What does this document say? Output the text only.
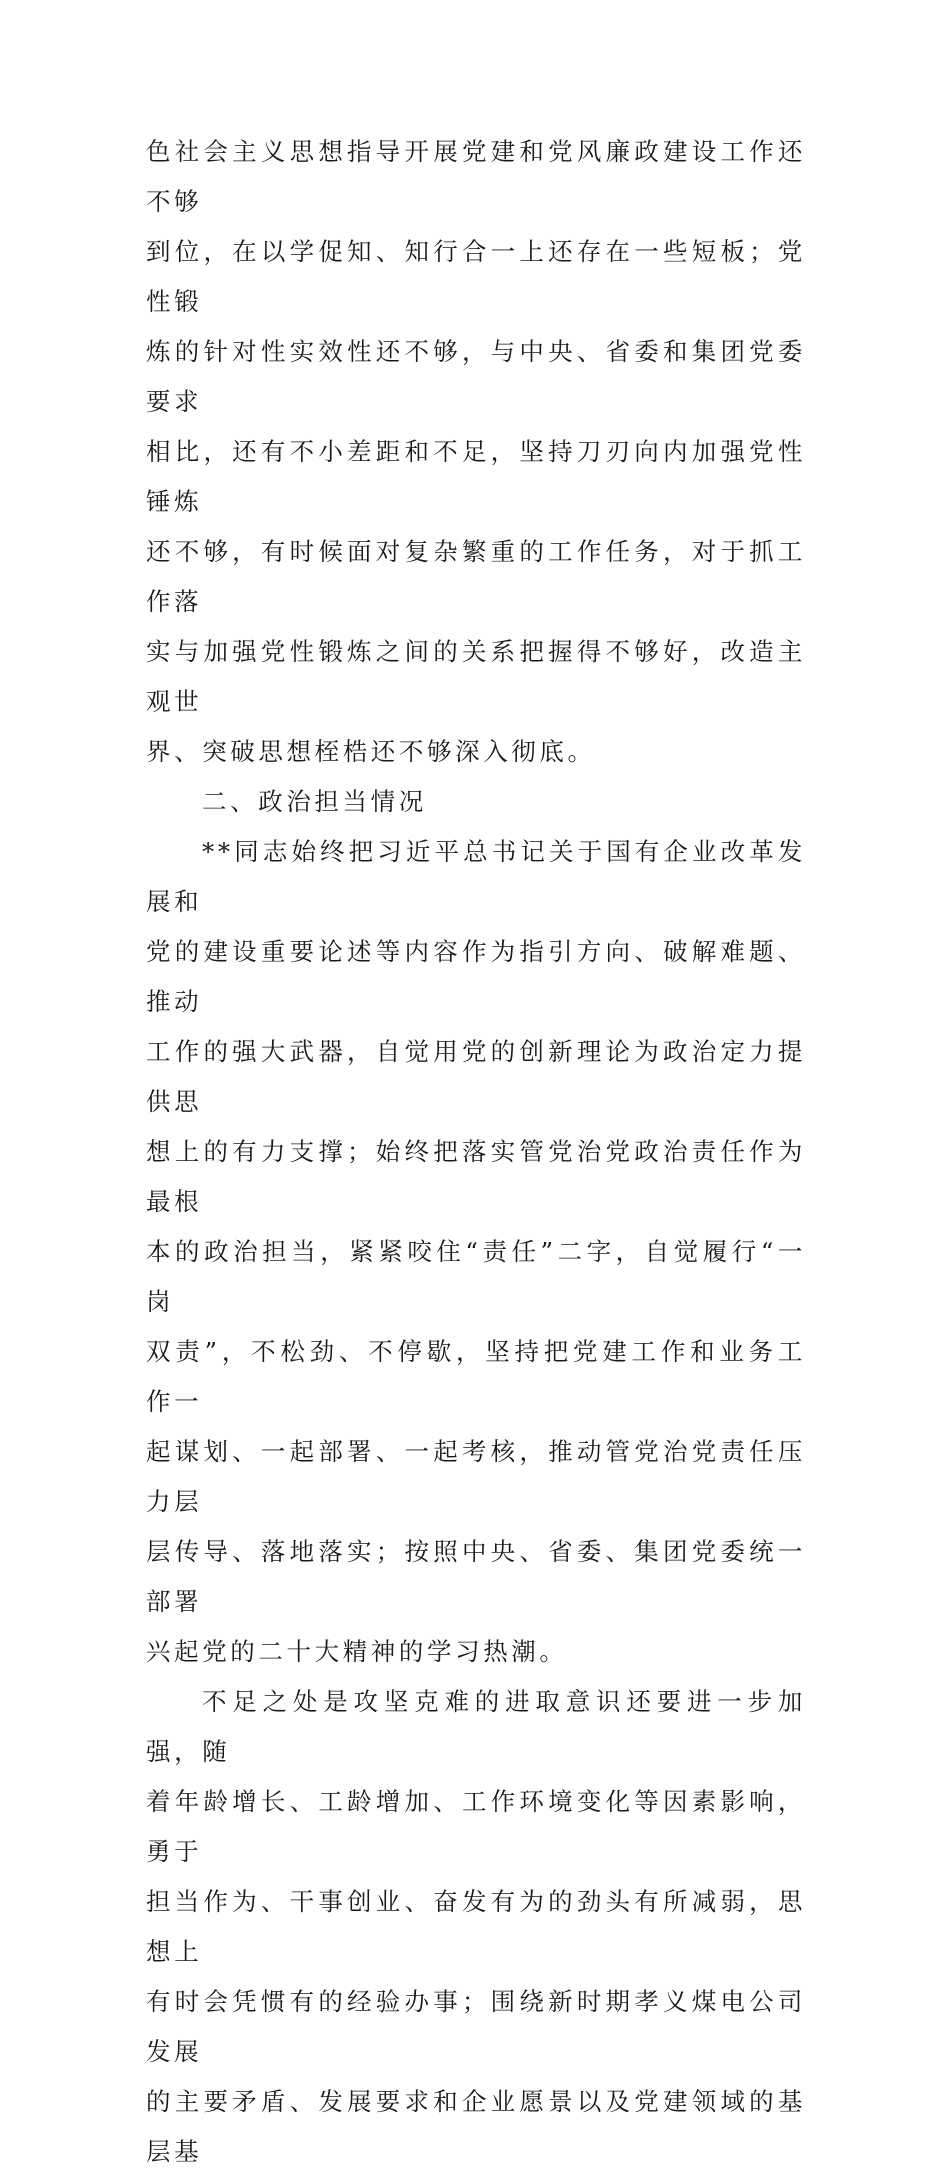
色社会主义思想指导开展党建和党风廉政建设工作还不够
到位，在以学促知、知行合一上还存在一些短板；党性锻
炼的针对性实效性还不够，与中央、省委和集团党委要求
相比，还有不小差距和不足，坚持刀刃向内加强党性锤炼
还不够，有时候面对复杂繁重的工作任务，对于抓工作落
实与加强党性锻炼之间的关系把握得不够好，改造主观世
界、突破思想桎梏还不够深入彻底。
二、政治担当情况
**同志始终把习近平总书记关于国有企业改革发展和
党的建设重要论述等内容作为指引方向、破解难题、推动
工作的强大武器，自觉用党的创新理论为政治定力提供思
想上的有力支撑；始终把落实管党治党政治责任作为最根
本的政治担当，紧紧咬住“责任”二字，自觉履行“一岗
双责”，不松劲、不停歇，坚持把党建工作和业务工作一
起谋划、一起部署、一起考核，推动管党治党责任压力层
层传导、落地落实；按照中央、省委、集团党委统一部署
兴起党的二十大精神的学习热潮。
不足之处是攻坚克难的进取意识还要进一步加强，随
着年龄增长、工龄增加、工作环境变化等因素影响，勇于
担当作为、干事创业、奋发有为的劲头有所减弱，思想上
有时会凭惯有的经验办事；围绕新时期孝义煤电公司发展
的主要矛盾、发展要求和企业愿景以及党建领域的基层基
